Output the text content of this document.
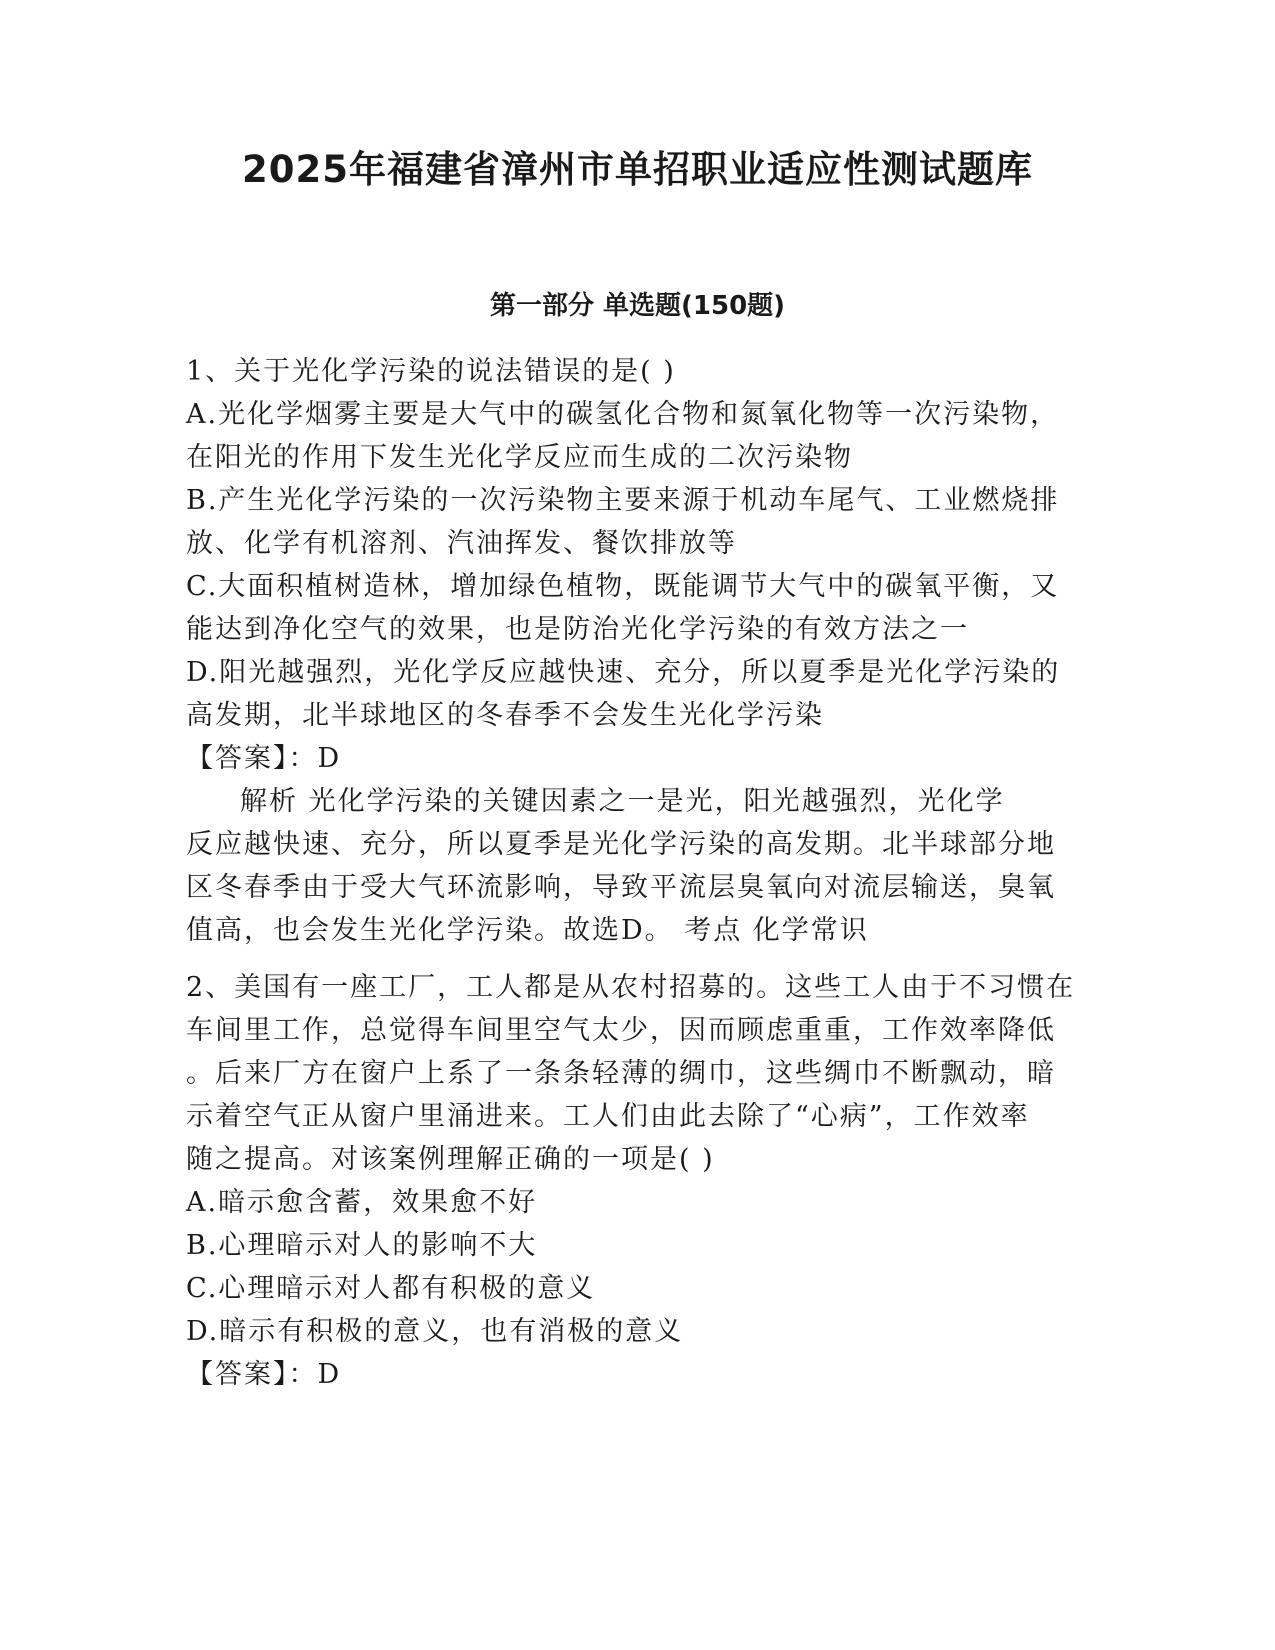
2025年福建省漳州市单招职业适应性测试题库
第一部分 单选题(150题)
1、关于光化学污染的说法错误的是( )
A.光化学烟雾主要是大气中的碳氢化合物和氮氧化物等一次污染物，
在阳光的作用下发生光化学反应而生成的二次污染物
B.产生光化学污染的一次污染物主要来源于机动车尾气、工业燃烧排
放、化学有机溶剂、汽油挥发、餐饮排放等
C.大面积植树造林，增加绿色植物，既能调节大气中的碳氧平衡，又
能达到净化空气的效果，也是防治光化学污染的有效方法之一
D.阳光越强烈，光化学反应越快速、充分，所以夏季是光化学污染的
高发期，北半球地区的冬春季不会发生光化学污染
【答案】：D
解析 光化学污染的关键因素之一是光，阳光越强烈，光化学
反应越快速、充分，所以夏季是光化学污染的高发期。北半球部分地
区冬春季由于受大气环流影响，导致平流层臭氧向对流层输送，臭氧
值高，也会发生光化学污染。故选D。 考点 化学常识
2、美国有一座工厂，工人都是从农村招募的。这些工人由于不习惯在
车间里工作，总觉得车间里空气太少，因而顾虑重重，工作效率降低
。后来厂方在窗户上系了一条条轻薄的绸巾，这些绸巾不断飘动，暗
示着空气正从窗户里涌进来。工人们由此去除了“心病”，工作效率
随之提高。对该案例理解正确的一项是( )
A.暗示愈含蓄，效果愈不好
B.心理暗示对人的影响不大
C.心理暗示对人都有积极的意义
D.暗示有积极的意义，也有消极的意义
【答案】：D
